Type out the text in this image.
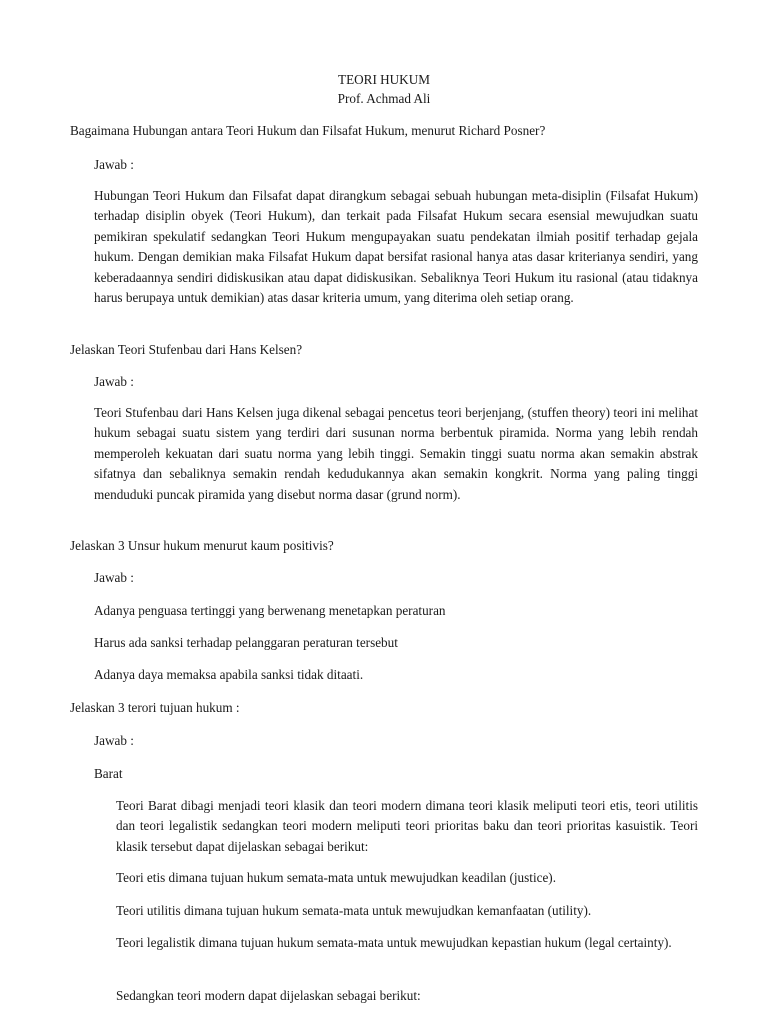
TEORI HUKUM
Prof. Achmad Ali

Bagaimana Hubungan antara Teori Hukum dan Filsafat Hukum, menurut Richard Posner?

Jawab :

Hubungan Teori Hukum dan Filsafat dapat dirangkum sebagai sebuah hubungan meta-disiplin (Filsafat Hukum) terhadap disiplin obyek (Teori Hukum), dan terkait pada Filsafat Hukum secara esensial mewujudkan suatu pemikiran spekulatif sedangkan Teori Hukum mengupayakan suatu pendekatan ilmiah positif terhadap gejala hukum. Dengan demikian maka Filsafat Hukum dapat bersifat rasional hanya atas dasar kriterianya sendiri, yang keberadaannya sendiri didiskusikan atau dapat didiskusikan. Sebaliknya Teori Hukum itu rasional (atau tidaknya harus berupaya untuk demikian) atas dasar kriteria umum, yang diterima oleh setiap orang.

Jelaskan Teori Stufenbau dari Hans Kelsen?

Jawab :

Teori Stufenbau dari Hans Kelsen juga dikenal sebagai pencetus teori berjenjang, (stuffen theory) teori ini melihat hukum sebagai suatu sistem yang terdiri dari susunan norma berbentuk piramida. Norma yang lebih rendah memperoleh kekuatan dari suatu norma yang lebih tinggi. Semakin tinggi suatu norma akan semakin abstrak sifatnya dan sebaliknya semakin rendah kedudukannya akan semakin kongkrit. Norma yang paling tinggi menduduki puncak piramida yang disebut norma dasar (grund norm).

Jelaskan 3 Unsur hukum menurut kaum positivis?

Jawab :

Adanya penguasa tertinggi yang berwenang menetapkan peraturan

Harus ada sanksi terhadap pelanggaran peraturan tersebut

Adanya daya memaksa apabila sanksi tidak ditaati.

Jelaskan 3 terori tujuan hukum :

Jawab :

Barat

Teori Barat dibagi menjadi teori klasik dan teori modern dimana teori klasik meliputi teori etis, teori utilitis dan teori legalistik sedangkan teori modern meliputi teori prioritas baku dan teori prioritas kasuistik. Teori klasik tersebut dapat dijelaskan sebagai berikut:

Teori etis dimana tujuan hukum semata-mata untuk mewujudkan keadilan (justice).

Teori utilitis dimana tujuan hukum semata-mata untuk mewujudkan kemanfaatan (utility).

Teori legalistik dimana tujuan hukum semata-mata untuk mewujudkan kepastian hukum (legal certainty).

Sedangkan teori modern dapat dijelaskan sebagai berikut:
